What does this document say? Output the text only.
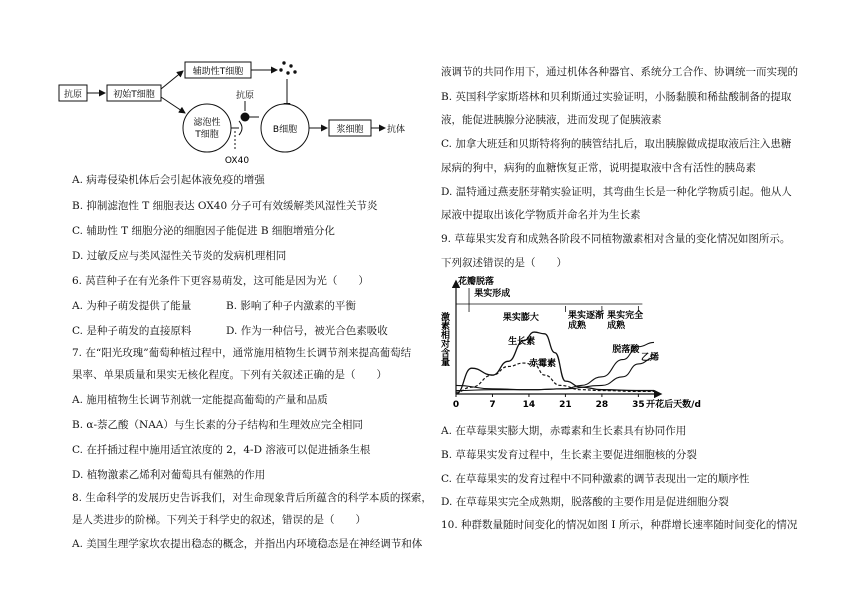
抗原	初始T细胞
辅助性T细胞
滤泡性
T细胞
OX40
抗原
B细胞	浆细胞	抗体
A. 病毒侵染机体后会引起体液免疫的增强
B. 抑制滤泡性 T 细胞表达 OX40 分子可有效缓解类风湿性关节炎
C. 辅助性 T 细胞分泌的细胞因子能促进 B 细胞增殖分化
D. 过敏反应与类风湿性关节炎的发病机理相同
6. 莴苣种子在有光条件下更容易萌发，这可能是因为光（　　）
A. 为种子萌发提供了能量	B. 影响了种子内激素的平衡
C. 是种子萌发的直接原料	D. 作为一种信号，被光合色素吸收
7. 在“阳光玫瑰”葡萄种植过程中，通常施用植物生长调节剂来提高葡萄结
果率、单果质量和果实无核化程度。下列有关叙述正确的是（　　）
A. 施用植物生长调节剂就一定能提高葡萄的产量和品质
B. α-萘乙酸（NAA）与生长素的分子结构和生理效应完全相同
C. 在扦插过程中施用适宜浓度的 2，4-D 溶液可以促进插条生根
D. 植物激素乙烯利对葡萄具有催熟的作用
8. 生命科学的发展历史告诉我们，对生命现象背后所蕴含的科学本质的探索，
是人类进步的阶梯。下列关于科学史的叙述，错误的是（　　）
A. 美国生理学家坎农提出稳态的概念，并指出内环境稳态是在神经调节和体
液调节的共同作用下，通过机体各种器官、系统分工合作、协调统一而实现的
B. 英国科学家斯塔林和贝利斯通过实验证明，小肠黏膜和稀盐酸制备的提取
液，能促进胰腺分泌胰液，进而发现了促胰液素
C. 加拿大班廷和贝斯特将狗的胰管结扎后，取出胰腺做成提取液后注入患糖
尿病的狗中，病狗的血糖恢复正常，说明提取液中含有活性的胰岛素
D. 温特通过燕麦胚芽鞘实验证明，其弯曲生长是一种化学物质引起。他从人
尿液中提取出该化学物质并命名并为生长素
9. 草莓果实发育和成熟各阶段不同植物激素相对含量的变化情况如图所示。
下列叙述错误的是（　　）
A. 在草莓果实膨大期，赤霉素和生长素具有协同作用
B. 草莓果实发育过程中，生长素主要促进细胞核的分裂
C. 在草莓果实的发育过程中不同种激素的调节表现出一定的顺序性
D. 在草莓果实完全成熟期，脱落酸的主要作用是促进细胞分裂
10. 种群数量随时间变化的情况如图 I 所示，种群增长速率随时间变化的情况
0	7	14	21	28	35 开花后天数/d
激素相对含量
花瓣脱落
果实形成
果实膨大	果实逐渐
成熟
果实完全
成熟
生长素
赤霉素
脱落酸
乙烯
